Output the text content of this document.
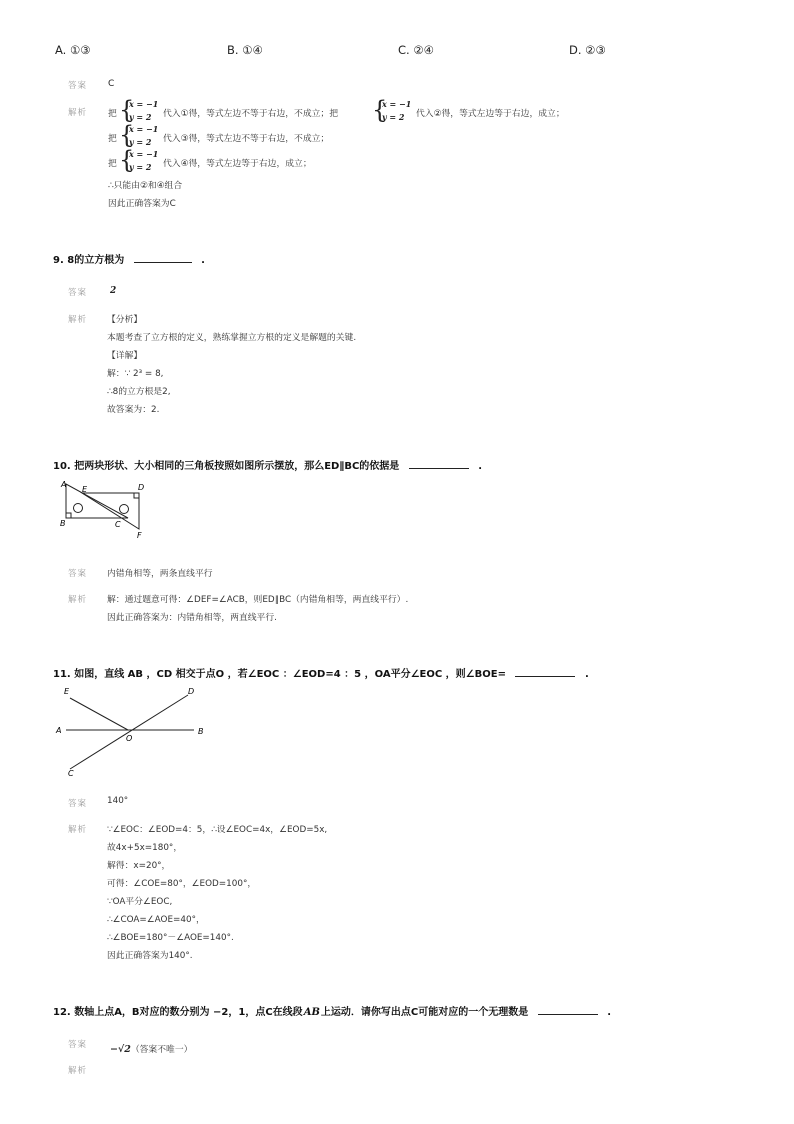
A. ①③	B. ①④	C. ②④	D. ②③
答案 C
解析 把 {
x = −1
y = 2 代入①得，等式左边不等于右边，不成立；把 {
x = −1
y = 2 代入②得，等式左边等于右边，成立；
把 {
x = −1
y = 2 代入③得，等式左边不等于右边，不成立；
把 {
x = −1
y = 2 代入④得，等式左边等于右边，成立；
∴只能由②和④组合
因此正确答案为C
9. 8的立方根为	.
答案	2
解析 【分析】
本题考查了立方根的定义，熟练掌握立方根的定义是解题的关键.
【详解】
解：∵ 2³ = 8,
∴8的立方根是2,
故答案为：2.
10. 把两块形状、大小相同的三角板按照如图所示摆放，那么ED∥BC的依据是	.
A
E	D
B	C
F
答案 内错角相等，两条直线平行
解析 解：通过题意可得：∠DEF=∠ACB，则ED∥BC（内错角相等，两直线平行）.
因此正确答案为：内错角相等，两直线平行.
11. 如图，直线 AB ，CD 相交于点O ，若∠EOC ：∠EOD=4 ：5 ，OA平分∠EOC ，则∠BOE=	.
E	D
A
O
B
C
答案 140°
解析 ∵∠EOC：∠EOD=4：5，∴设∠EOC=4x，∠EOD=5x,
故4x+5x=180°，
解得：x=20°，
可得：∠COE=80°，∠EOD=100°，
∵OA平分∠EOC,
∴∠COA=∠AOE=40°，
∴∠BOE=180°－∠AOE=140°.
因此正确答案为140°.
12. 数轴上点A，B对应的数分别为 −2，1，点C在线段AB上运动．请你写出点C可能对应的一个无理数是	.
答案 −√2（答案不唯一）
解析
